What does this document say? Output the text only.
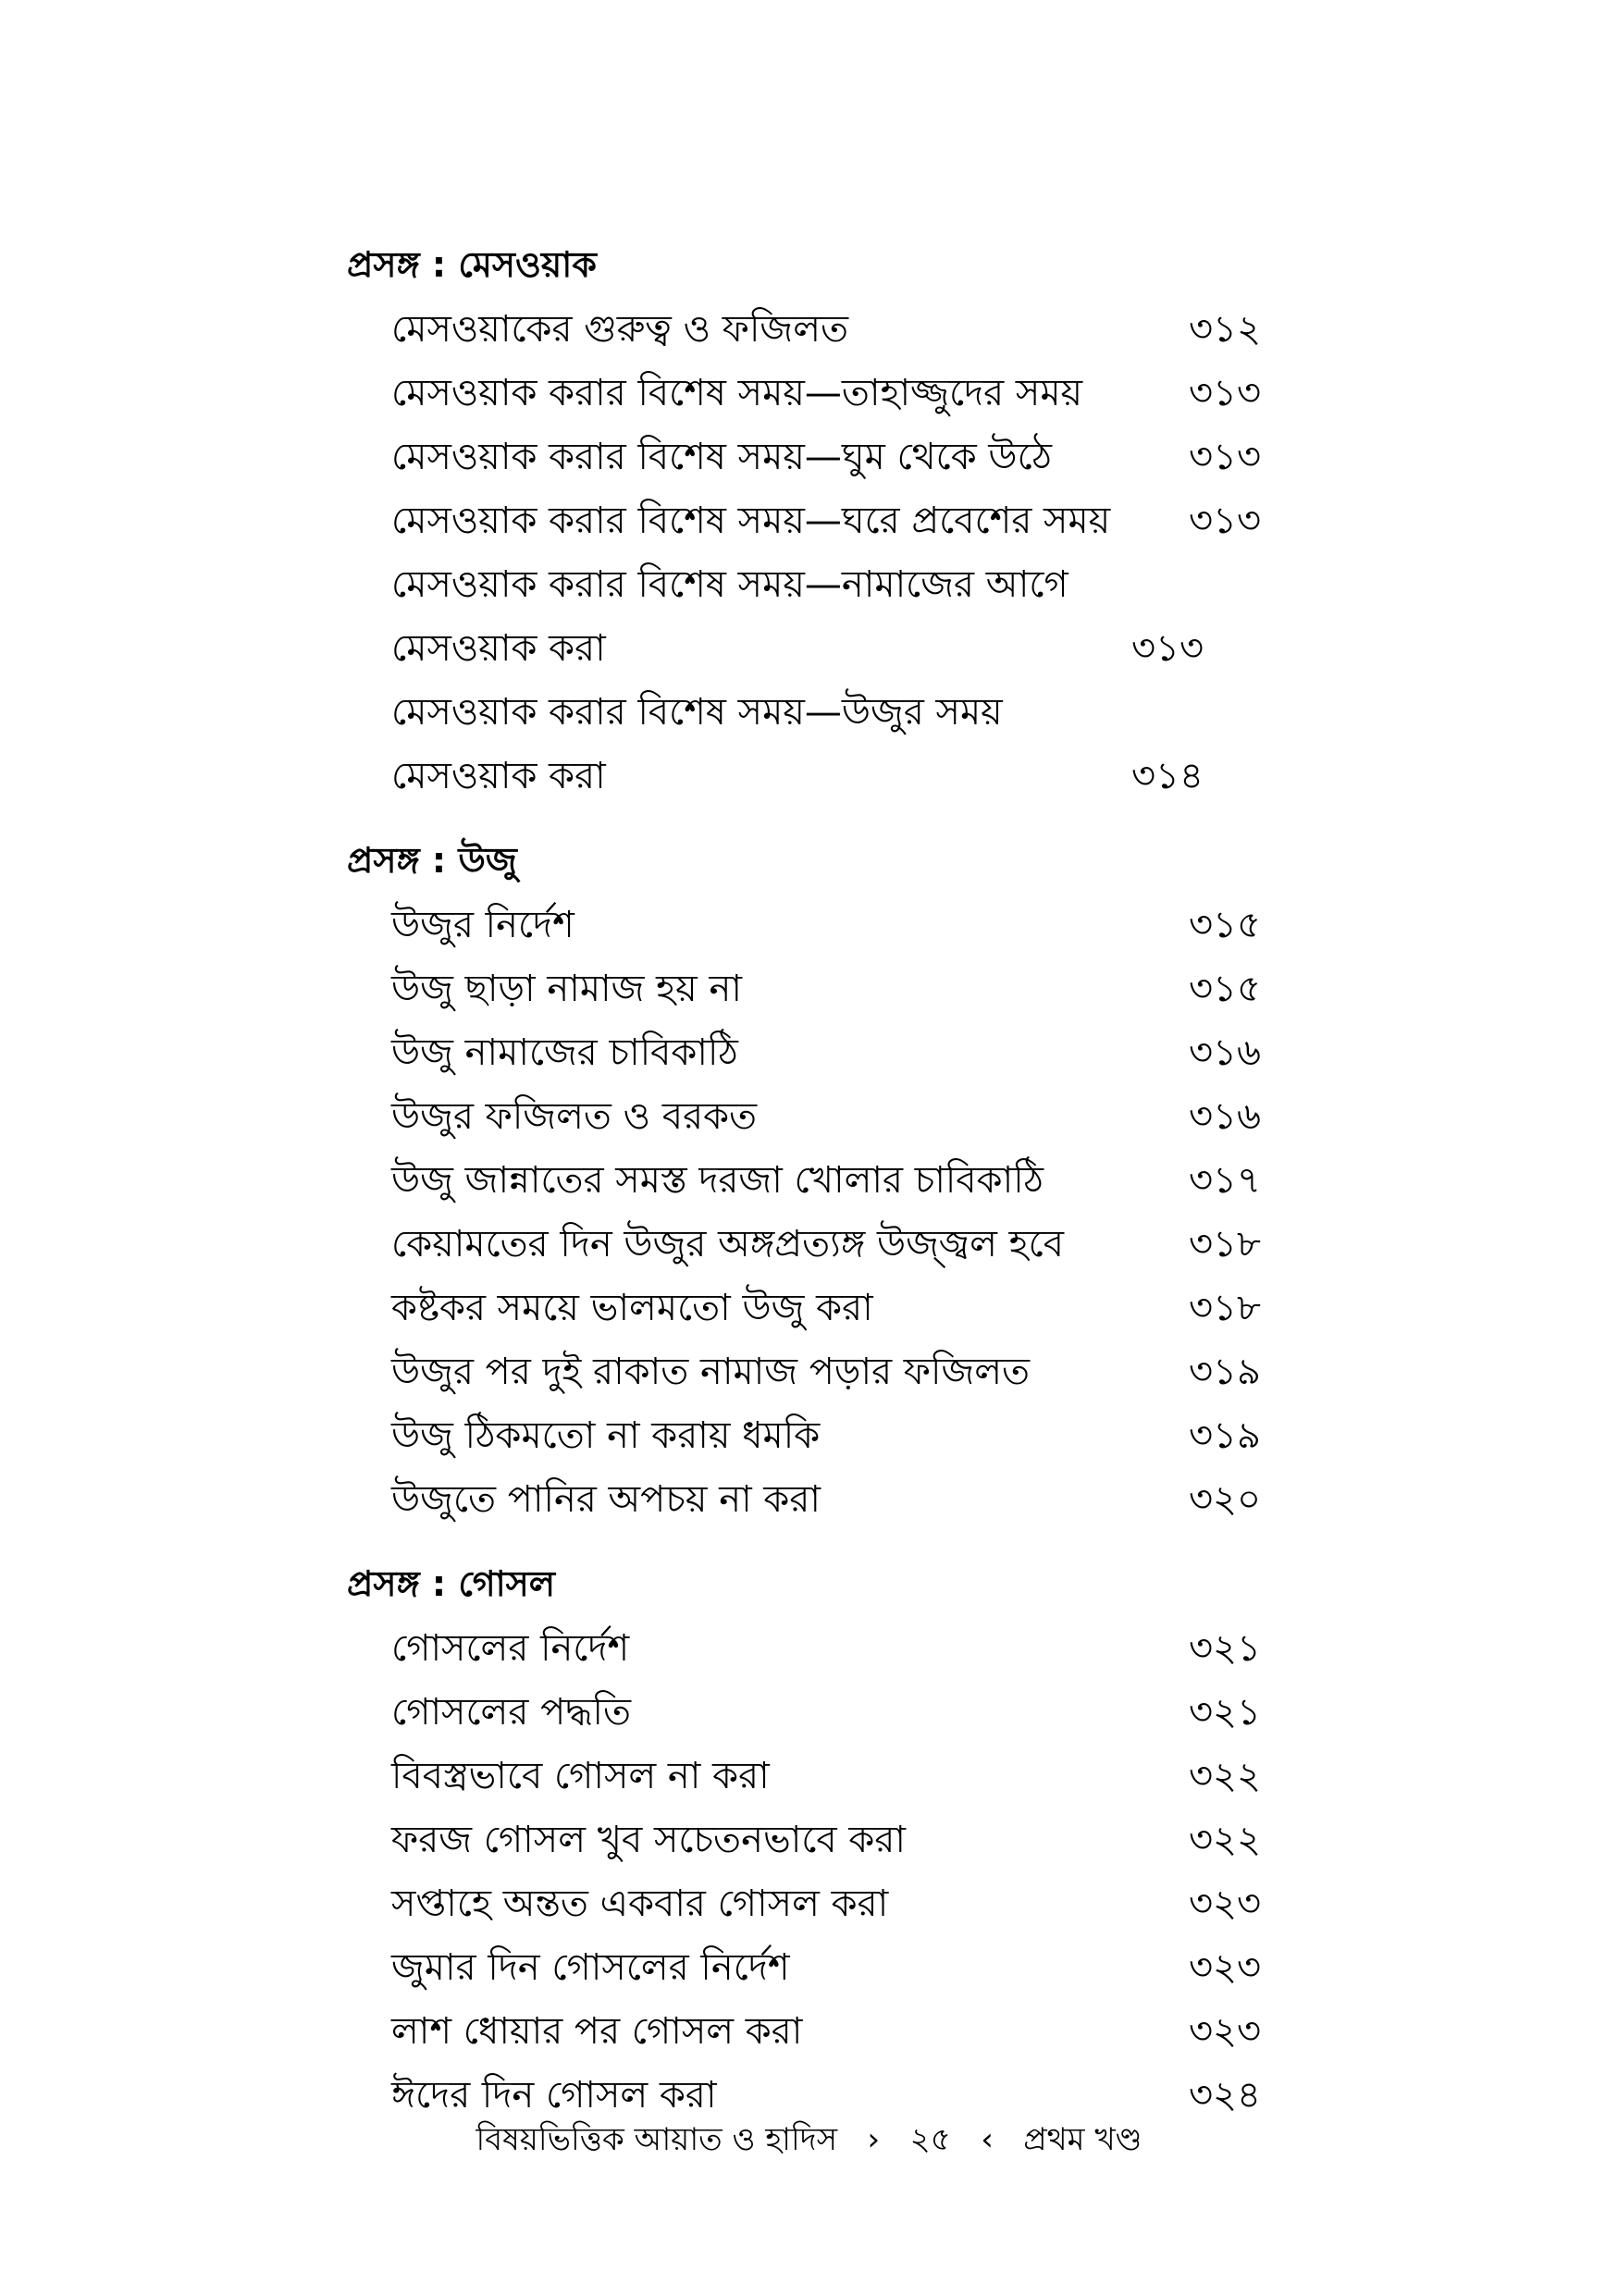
প্রসঙ্গ : মেসওয়াক
মেসওয়াকের গুরুত্ব ও ফজিলত	৩১২
মেসওয়াক করার বিশেষ সময়—তাহাজ্জুদের সময়	৩১৩
মেসওয়াক করার বিশেষ সময়—ঘুম থেকে উঠে	৩১৩
মেসওয়াক করার বিশেষ সময়—ঘরে প্রবেশের সময়	৩১৩
মেসওয়াক করার বিশেষ সময়—নামাজের আগে মেসওয়াক করা	৩১৩
মেসওয়াক করার বিশেষ সময়—উজুর সময় মেসওয়াক করা	৩১৪
প্রসঙ্গ : উজু
উজুর নির্দেশ	৩১৫
উজু ছাড়া নামাজ হয় না	৩১৫
উজু নামাজের চাবিকাঠি	৩১৬
উজুর ফজিলত ও বরকত	৩১৬
উজু জান্নাতের সমস্ত দরজা খোলার চাবিকাঠি	৩১৭
কেয়ামতের দিন উজুর অঙ্গপ্রত্যঙ্গ উজ্জ্বল হবে	৩১৮
কষ্টকর সময়ে ভালমতো উজু করা	৩১৮
উজুর পর দুই রাকাত নামাজ পড়ার ফজিলত	৩১৯
উজু ঠিকমতো না করায় ধমকি	৩১৯
উজুতে পানির অপচয় না করা	৩২০
প্রসঙ্গ : গোসল
গোসলের নির্দেশ	৩২১
গোসলের পদ্ধতি	৩২১
বিবস্ত্রভাবে গোসল না করা	৩২২
ফরজ গোসল খুব সচেতনভাবে করা	৩২২
সপ্তাহে অন্তত একবার গোসল করা	৩২৩
জুমার দিন গোসলের নির্দেশ	৩২৩
লাশ ধোয়ার পর গোসল করা	৩২৩
ঈদের দিন গোসল করা	৩২৪
বিষয়ভিত্তিক আয়াত ও হাদিস › ২৫ ‹ প্রথম খণ্ড
